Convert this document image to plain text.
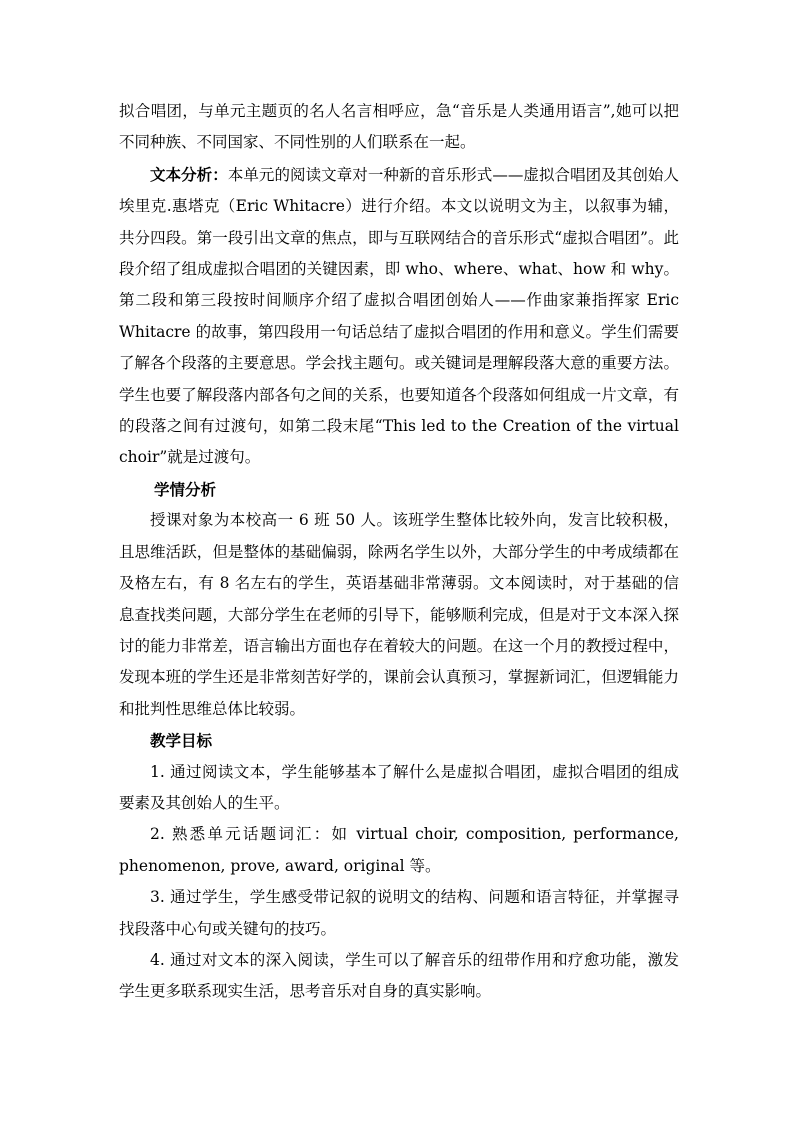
拟合唱团，与单元主题页的名人名言相呼应，急“音乐是人类通用语言”,她可以把不同种族、不同国家、不同性别的人们联系在一起。

文本分析：本单元的阅读文章对一种新的音乐形式——虚拟合唱团及其创始人埃里克.惠塔克（Eric Whitacre）进行介绍。本文以说明文为主，以叙事为辅，共分四段。第一段引出文章的焦点，即与互联网结合的音乐形式“虚拟合唱团”。此段介绍了组成虚拟合唱团的关键因素，即 who、where、what、how 和 why。第二段和第三段按时间顺序介绍了虚拟合唱团创始人——作曲家兼指挥家 Eric Whitacre 的故事，第四段用一句话总结了虚拟合唱团的作用和意义。学生们需要了解各个段落的主要意思。学会找主题句。或关键词是理解段落大意的重要方法。学生也要了解段落内部各句之间的关系，也要知道各个段落如何组成一片文章，有的段落之间有过渡句，如第二段末尾“This led to the Creation of the virtual choir”就是过渡句。

学情分析

授课对象为本校高一 6 班 50 人。该班学生整体比较外向，发言比较积极，且思维活跃，但是整体的基础偏弱，除两名学生以外，大部分学生的中考成绩都在及格左右，有 8 名左右的学生，英语基础非常薄弱。文本阅读时，对于基础的信息查找类问题，大部分学生在老师的引导下，能够顺利完成，但是对于文本深入探讨的能力非常差，语言输出方面也存在着较大的问题。在这一个月的教授过程中，发现本班的学生还是非常刻苦好学的，课前会认真预习，掌握新词汇，但逻辑能力和批判性思维总体比较弱。

教学目标

1. 通过阅读文本，学生能够基本了解什么是虚拟合唱团，虚拟合唱团的组成要素及其创始人的生平。

2. 熟悉单元话题词汇：如 virtual choir, composition, performance, phenomenon, prove, award, original 等。

3. 通过学生，学生感受带记叙的说明文的结构、问题和语言特征，并掌握寻找段落中心句或关键句的技巧。

4. 通过对文本的深入阅读，学生可以了解音乐的纽带作用和疗愈功能，激发学生更多联系现实生活，思考音乐对自身的真实影响。
